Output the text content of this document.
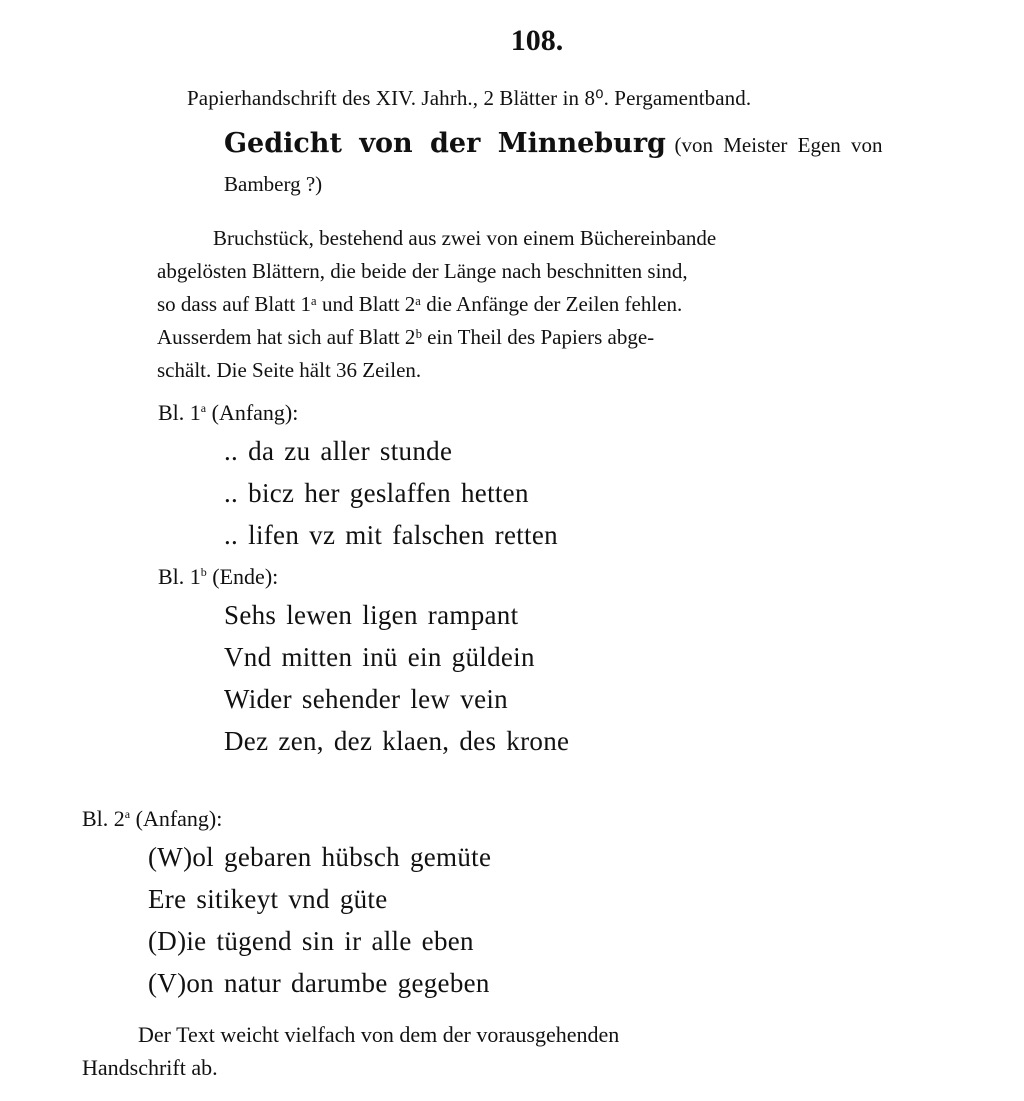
108.
Papierhandschrift des XIV. Jahrh., 2 Blätter in 8⁰. Pergamentband.
Gedicht von der Minneburg (von Meister Egen von
Bamberg ?)
Bruchstück, bestehend aus zwei von einem Büchereinbande
abgelösten Blättern, die beide der Länge nach beschnitten sind,
so dass auf Blatt 1ᵃ und Blatt 2ᵃ die Anfänge der Zeilen fehlen.
Ausserdem hat sich auf Blatt 2ᵇ ein Theil des Papiers abge-
schält. Die Seite hält 36 Zeilen.
Bl. 1$^a$ (Anfang):
.. da zu aller stunde
.. bicz her geslaffen hetten
.. lifen vz mit falschen retten
Bl. 1$^b$ (Ende):
Sehs lewen ligen rampant
Vnd mitten inü ein güldein
Wider sehender lew vein
Dez zen, dez klaen, des krone
Bl. 2$^a$ (Anfang):
(W)ol gebaren hübsch gemüte
Ere sitikeyt vnd güte
(D)ie tügend sin ir alle eben
(V)on natur darumbe gegeben
Der Text weicht vielfach von dem der vorausgehenden
Handschrift ab.
